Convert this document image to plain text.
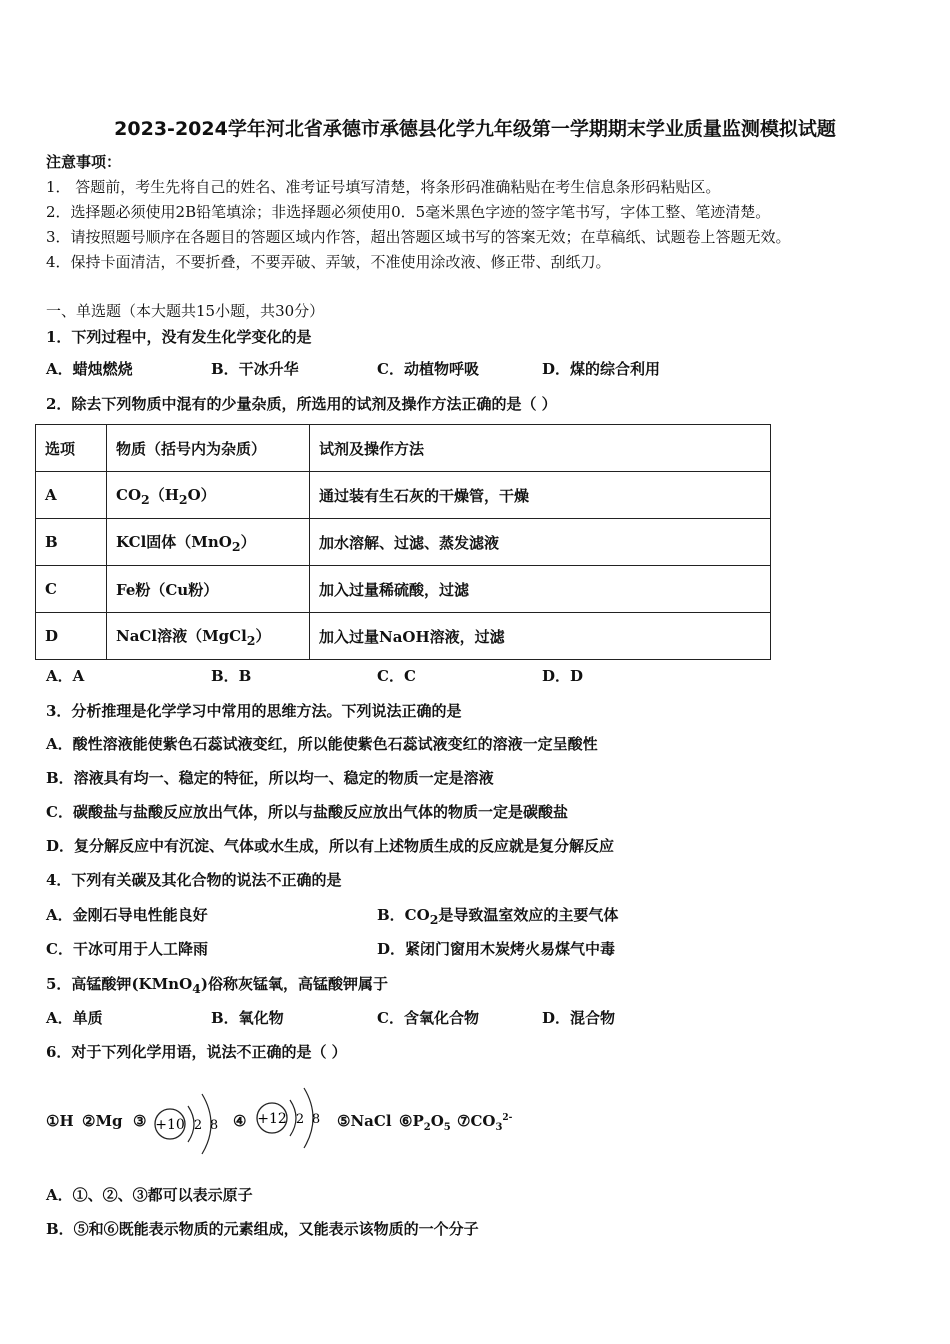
2023-2024学年河北省承德市承德县化学九年级第一学期期末学业质量监测模拟试题
注意事项：
1． 答题前，考生先将自己的姓名、准考证号填写清楚，将条形码准确粘贴在考生信息条形码粘贴区。
2．选择题必须使用2B铅笔填涂；非选择题必须使用0．5毫米黑色字迹的签字笔书写，字体工整、笔迹清楚。
3．请按照题号顺序在各题目的答题区域内作答，超出答题区域书写的答案无效；在草稿纸、试题卷上答题无效。
4．保持卡面清洁，不要折叠，不要弄破、弄皱，不准使用涂改液、修正带、刮纸刀。
一、单选题（本大题共15小题，共30分）
1．下列过程中，没有发生化学变化的是
A．蜡烛燃烧	B．干冰升华	C．动植物呼吸	D．煤的综合利用
2．除去下列物质中混有的少量杂质，所选用的试剂及操作方法正确的是（ ）
选项	物质（括号内为杂质）	试剂及操作方法
A	$CO_2(H_2O)$	通过装有生石灰的干燥管，干燥
B	KCl固体（MnO$_2$）	加水溶解、过滤、蒸发滤液
C	Fe粉（Cu粉）	加入过量稀硫酸，过滤
D	NaCl溶液（MgCl$_2$）	加入过量NaOH溶液，过滤
A．A	B．B	C．C	D．D
3．分析推理是化学学习中常用的思维方法。下列说法正确的是
A．酸性溶液能使紫色石蕊试液变红，所以能使紫色石蕊试液变红的溶液一定呈酸性
B．溶液具有均一、稳定的特征，所以均一、稳定的物质一定是溶液
C．碳酸盐与盐酸反应放出气体，所以与盐酸反应放出气体的物质一定是碳酸盐
D．复分解反应中有沉淀、气体或水生成，所以有上述物质生成的反应就是复分解反应
4．下列有关碳及其化合物的说法不正确的是
A．金刚石导电性能良好	B．$CO_2$是导致温室效应的主要气体
C．干冰可用于人工降雨	D．紧闭门窗用木炭烤火易煤气中毒
5．高锰酸钾(KMnO$_4$)俗称灰锰氧，高锰酸钾属于
A．单质	B．氧化物	C．含氧化合物	D．混合物
6．对于下列化学用语，说法不正确的是（ ）
①H ②Mg ③ +10 2 8 ④ +12 2 8 ⑤NaCl $⑥P_2O_5$ $⑦CO_3^{2-}$
A．①、②、③都可以表示原子
B．⑤和⑥既能表示物质的元素组成，又能表示该物质的一个分子
